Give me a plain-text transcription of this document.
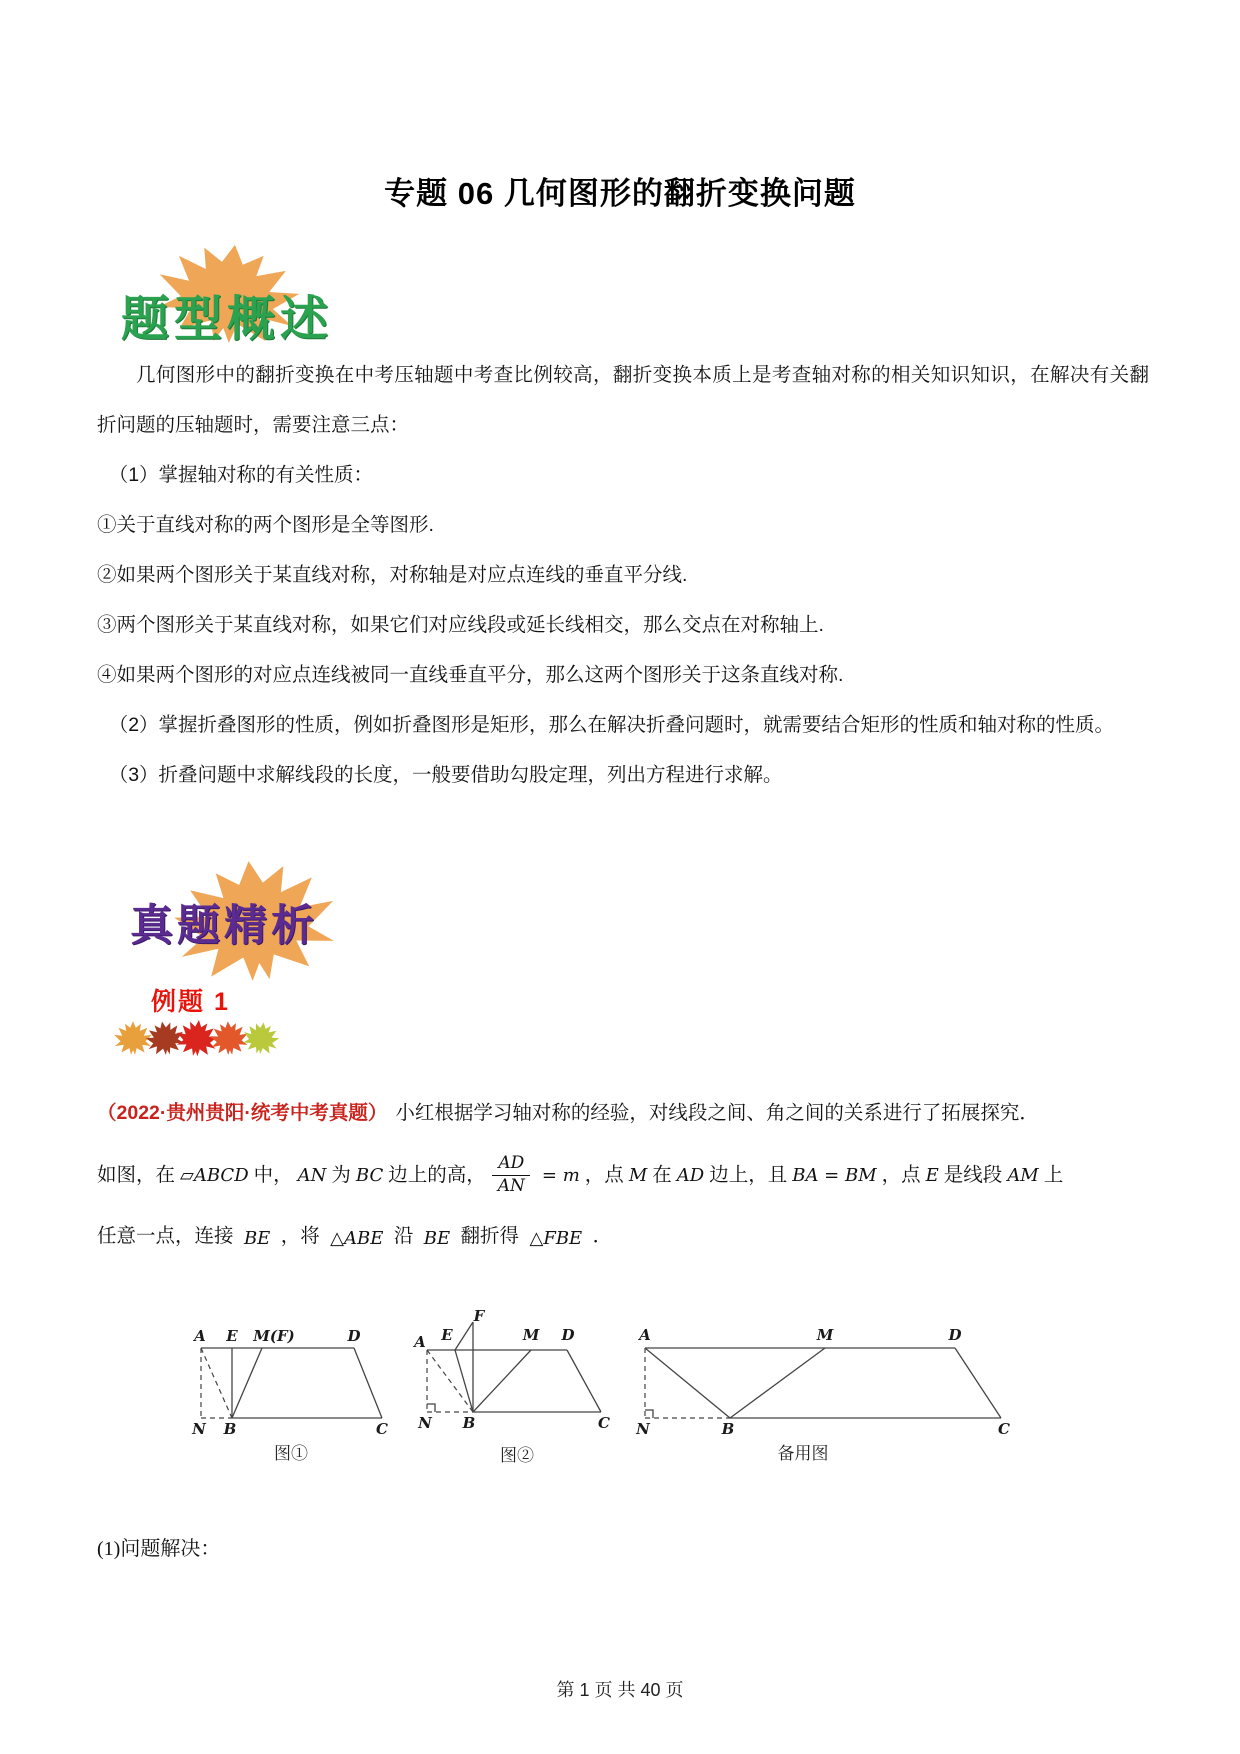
专题 06 几何图形的翻折变换问题
题型概述

几何图形中的翻折变换在中考压轴题中考查比例较高，翻折变换本质上是考查轴对称的相关知识知识，在解决有关翻折问题的压轴题时，需要注意三点：

（1）掌握轴对称的有关性质：

①关于直线对称的两个图形是全等图形.

②如果两个图形关于某直线对称，对称轴是对应点连线的垂直平分线.

③两个图形关于某直线对称，如果它们对应线段或延长线相交，那么交点在对称轴上.

④如果两个图形的对应点连线被同一直线垂直平分，那么这两个图形关于这条直线对称.

（2）掌握折叠图形的性质，例如折叠图形是矩形，那么在解决折叠问题时，就需要结合矩形的性质和轴对称的性质。

（3）折叠问题中求解线段的长度，一般要借助勾股定理，列出方程进行求解。

真题精析
例题 1

（2022·贵州贵阳·统考中考真题） 小红根据学习轴对称的经验，对线段之间、角之间的关系进行了拓展探究．

如图，在 ▱ABCD 中， AN 为 BC 边上的高， $\frac{AD}{AN} = m$ ，点 M 在 AD 边上，且 BA = BM ，点 E 是线段 AM 上

任意一点，连接 BE ，将 △ABE 沿 BE 翻折得 △FBE ．

A E M(F)	D
N B	C
图①
F
E	M D
A
N B	C
图②
A	M	D
N	B	C
备用图
(1)问题解决：
第 1 页 共 40 页
